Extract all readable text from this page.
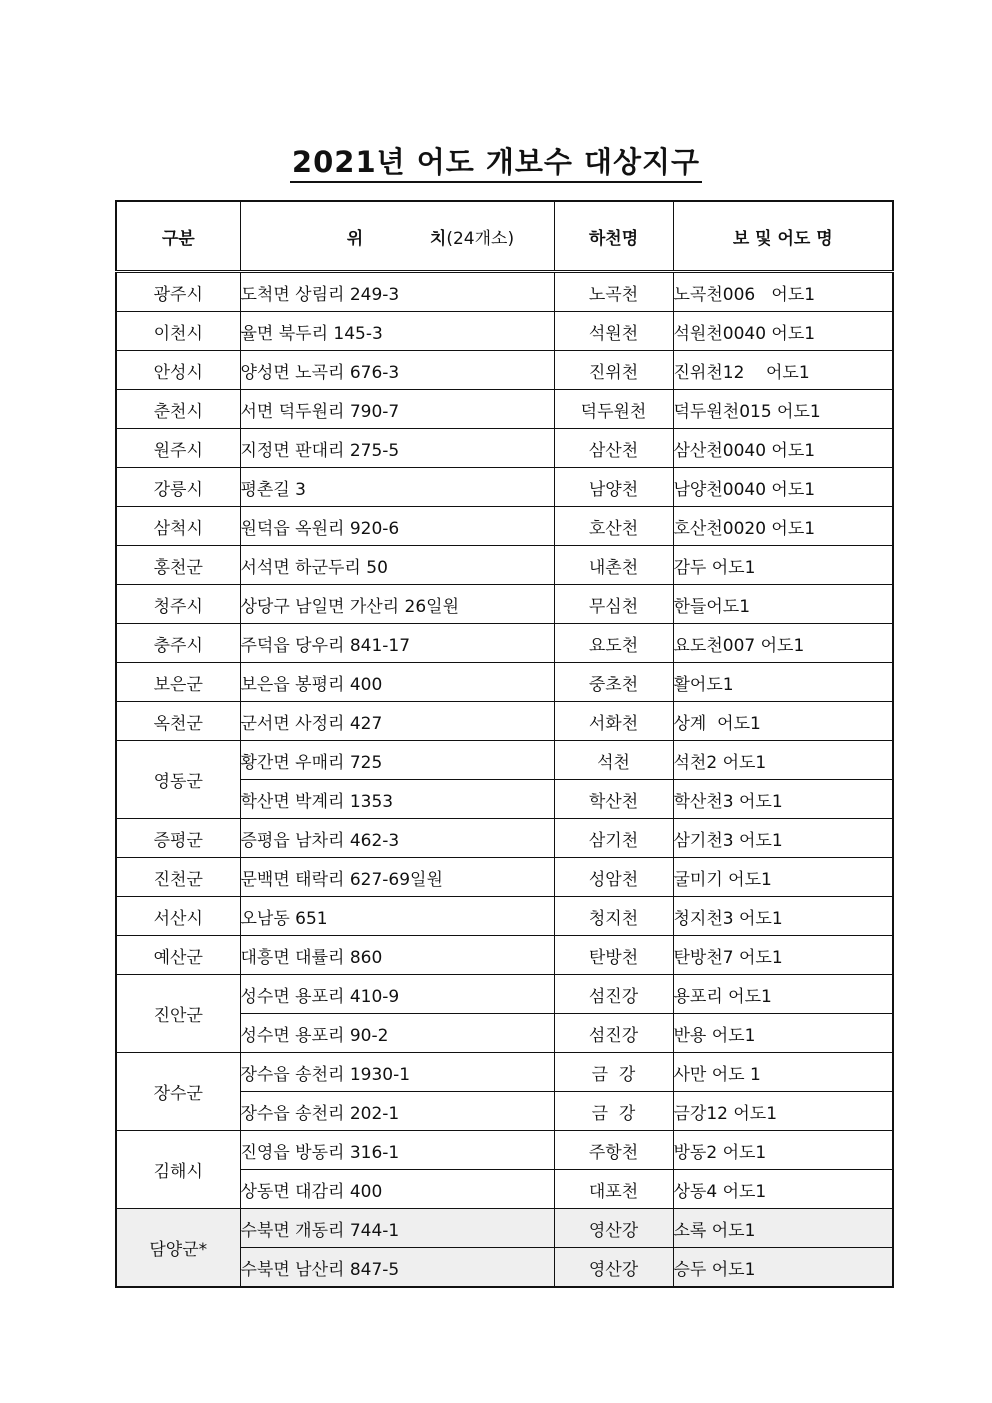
2021년 어도 개보수 대상지구
구분	위 치(24개소)	하천명	보 및 어도 명
광주시	도척면 상림리 249-3	노곡천	노곡천006   어도1
이천시	율면 북두리 145-3	석원천	석원천0040 어도1
안성시	양성면 노곡리 676-3	진위천	진위천12    어도1
춘천시	서면 덕두원리 790-7	덕두원천	덕두원천015 어도1
원주시	지정면 판대리 275-5	삼산천	삼산천0040 어도1
강릉시	평촌길 3	남양천	남양천0040 어도1
삼척시	원덕읍 옥원리 920-6	호산천	호산천0020 어도1
홍천군	서석면 하군두리 50	내촌천	감두 어도1
청주시	상당구 남일면 가산리 26일원	무심천	한들어도1
충주시	주덕읍 당우리 841-17	요도천	요도천007 어도1
보은군	보은읍 봉평리 400	중초천	활어도1
옥천군	군서면 사정리 427	서화천	상계  어도1
영동군	황간면 우매리 725	석천	석천2 어도1
	학산면 박계리 1353	학산천	학산천3 어도1
증평군	증평읍 남차리 462-3	삼기천	삼기천3 어도1
진천군	문백면 태락리 627-69일원	성암천	굴미기 어도1
서산시	오남동 651	청지천	청지천3 어도1
예산군	대흥면 대률리 860	탄방천	탄방천7 어도1
진안군	성수면 용포리 410-9	섬진강	용포리 어도1
	성수면 용포리 90-2	섬진강	반용 어도1
장수군	장수읍 송천리 1930-1	금  강	사만 어도 1
	장수읍 송천리 202-1	금  강	금강12 어도1
김해시	진영읍 방동리 316-1	주항천	방동2 어도1
	상동면 대감리 400	대포천	상동4 어도1
담양군*	수북면 개동리 744-1	영산강	소록 어도1
	수북면 남산리 847-5	영산강	승두 어도1
